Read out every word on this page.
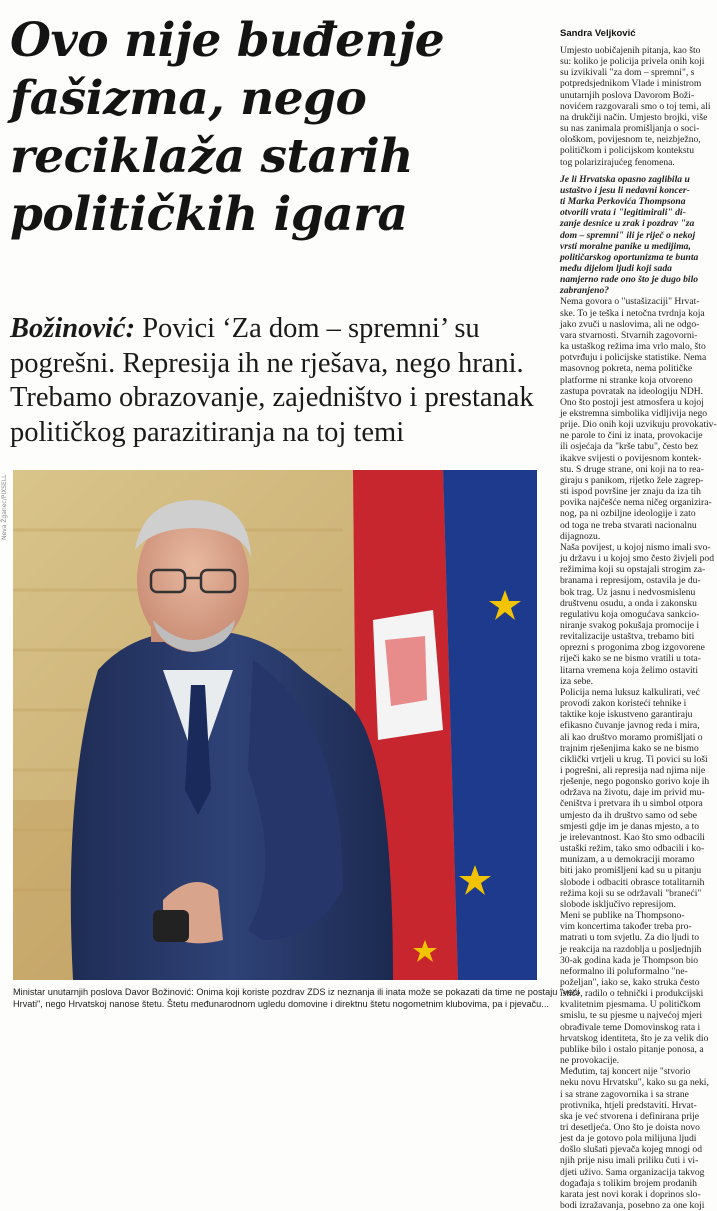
Ovo nije buđenje
fašizma, nego
reciklaža starih
političkih igara
Božinović: Povici ‘Za dom – spremni’ su
pogrešni. Represija ih ne rješava, nego hrani.
Trebamo obrazovanje, zajedništvo i prestanak
političkog parazitiranja na toj temi
Neva Žganec/PIXSELL
Ministar unutarnjih poslova Davor Božinović: Onima koji koriste pozdrav ZDS iz neznanja ili inata može se pokazati da time ne postaju "veći
Hrvati", nego Hrvatskoj nanose štetu. Štetu međunarodnom ugledu domovine i direktnu štetu nogometnim klubovima, pa i pjevaču...
Sandra Veljković

Umjesto uobičajenih pitanja, kao što
su: koliko je policija privela onih koji
su izvikivali "za dom – spremni", s
potpredsjednikom Vlade i ministrom
unutarnjih poslova Davorom Boži-
novićem razgovarali smo o toj temi, ali
na drukčiji način. Umjesto brojki, više
su nas zanimala promišljanja o soci-
ološkom, povijesnom te, neizbježno,
političkom i policijskom kontekstu
tog polarizirajućeg fenomena.

Je li Hrvatska opasno zaglibila u
ustaštvo i jesu li nedavni koncer-
ti Marka Perkovića Thompsona
otvorili vrata i "legitimirali" di-
zanje desnice u zrak i pozdrav "za
dom – spremni" ili je riječ o nekoj
vrsti moralne panike u medijima,
političarskog oportunizma te bunta
među dijelom ljudi koji sada
namjerno rade ono što je dugo bilo
zabranjeno?

Nema govora o "ustašizaciji" Hrvat-
ske. To je teška i netočna tvrdnja koja
jako zvuči u naslovima, ali ne odgo-
vara stvarnosti. Stvarnih zagovorni-
ka ustaškog režima ima vrlo malo, što
potvrđuju i policijske statistike. Nema
masovnog pokreta, nema političke
platforme ni stranke koja otvoreno
zastupa povratak na ideologiju NDH.
Ono što postoji jest atmosfera u kojoj
je ekstremna simbolika vidljivija nego
prije. Dio onih koji uzvikuju provokativ-
ne parole to čini iz inata, provokacije
ili osjećaja da "krše tabu", često bez
ikakve svijesti o povijesnom kontek-
stu. S druge strane, oni koji na to rea-
giraju s panikom, rijetko žele zagrep-
sti ispod površine jer znaju da iza tih
povika najčešće nema ničeg organizira-
nog, pa ni ozbiljne ideologije i zato
od toga ne treba stvarati nacionalnu
dijagnozu.
Naša povijest, u kojoj nismo imali svo-
ju državu i u kojoj smo često živjeli pod
režimima koji su opstajali strogim za-
branama i represijom, ostavila je du-
bok trag. Uz jasnu i nedvosmislenu
društvenu osudu, a onda i zakonsku
regulativu koja omogućava sankcio-
niranje svakog pokušaja promocije i
revitalizacije ustaštva, trebamo biti
oprezni s progonima zbog izgovorene
riječi kako se ne bismo vratili u tota-
litarna vremena koja želimo ostaviti
iza sebe.
Policija nema luksuz kalkulirati, već
provodi zakon koristeći tehnike i
taktike koje iskustveno garantiraju
efikasno čuvanje javnog reda i mira,
ali kao društvo moramo promišljati o
trajnim rješenjima kako se ne bismo
ciklički vrtjeli u krug. Ti povici su loši
i pogrešni, ali represija nad njima nije
rješenje, nego pogonsko gorivo koje ih
održava na životu, daje im privid mu-
čeništva i pretvara ih u simbol otpora
umjesto da ih društvo samo od sebe
smjesti gdje im je danas mjesto, a to
je irelevantnost. Kao što smo odbacili
ustaški režim, tako smo odbacili i ko-
munizam, a u demokraciji moramo
biti jako promišljeni kad su u pitanju
slobode i odbaciti obrasce totalitarnih
režima koji su se održavali "braneći"
slobode isključivo represijom.
Meni se publike na Thompsono-
vim koncertima također treba pro-
matrati u tom svjetlu. Za dio ljudi to
je reakcija na razdoblja u posljednjih
30-ak godina kada je Thompson bio
neformalno ili poluformalno "ne-
poželjan", iako se, kako struka često
ističe, radilo o tehnički i produkcijski
kvalitetnim pjesmama. U političkom
smislu, te su pjesme u najvećoj mjeri
obrađivale teme Domovinskog rata i
hrvatskog identiteta, što je za velik dio
publike bilo i ostalo pitanje ponosa, a
ne provokacije.
Međutim, taj koncert nije "stvorio
neku novu Hrvatsku", kako su ga neki,
i sa strane zagovornika i sa strane
protivnika, htjeli predstaviti. Hrvat-
ska je već stvorena i definirana prije
tri desetljeća. Ono što je doista novo
jest da je gotovo pola milijuna ljudi
došlo slušati pjevača kojeg mnogi od
njih prije nisu imali priliku čuti i vi-
djeti uživo. Sama organizacija takvog
događaja s tolikim brojem prodanih
karata jest novi korak i doprinos slo-
bodi izražavanja, posebno za one koji
